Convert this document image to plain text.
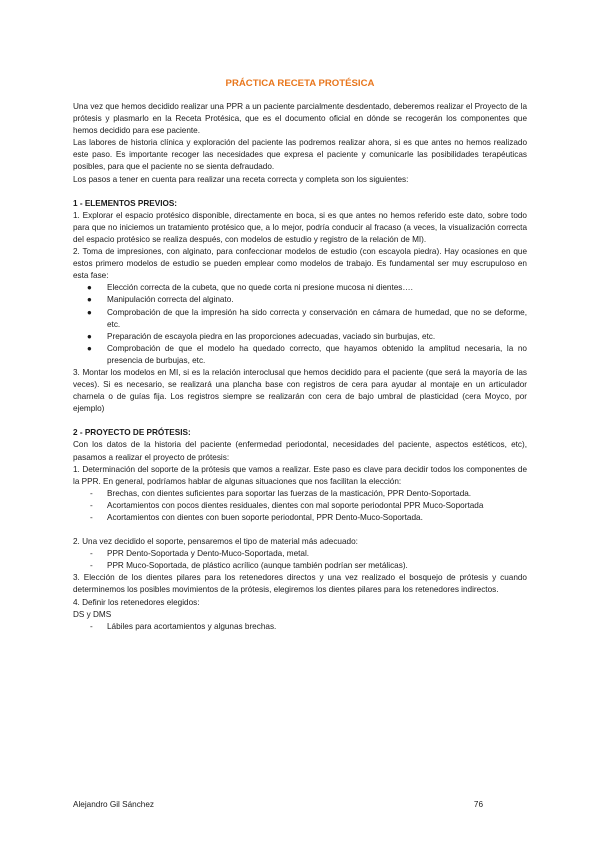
PRÁCTICA RECETA PROTÉSICA

Una vez que hemos decidido realizar una PPR a un paciente parcialmente desdentado, deberemos realizar el Proyecto de la prótesis y plasmarlo en la Receta Protésica, que es el documento oficial en dónde se recogerán los componentes que hemos decidido para ese paciente.

Las labores de historia clínica y exploración del paciente las podremos realizar ahora, si es que antes no hemos realizado este paso. Es importante recoger las necesidades que expresa el paciente y comunicarle las posibilidades terapéuticas posibles, para que el paciente no se sienta defraudado.

Los pasos a tener en cuenta para realizar una receta correcta y completa son los siguientes:

1 - ELEMENTOS PREVIOS:

1. Explorar el espacio protésico disponible, directamente en boca, si es que antes no hemos referido este dato, sobre todo para que no iniciemos un tratamiento protésico que, a lo mejor, podría conducir al fracaso (a veces, la visualización correcta del espacio protésico se realiza después, con modelos de estudio y registro de la relación de MI).

2. Toma de impresiones, con alginato, para confeccionar modelos de estudio (con escayola piedra). Hay ocasiones en que estos primero modelos de estudio se pueden emplear como modelos de trabajo. Es fundamental ser muy escrupuloso en esta fase:

● Elección correcta de la cubeta, que no quede corta ni presione mucosa ni dientes….
● Manipulación correcta del alginato.
● Comprobación de que la impresión ha sido correcta y conservación en cámara de humedad, que no se deforme, etc.
● Preparación de escayola piedra en las proporciones adecuadas, vaciado sin burbujas, etc.
● Comprobación de que el modelo ha quedado correcto, que hayamos obtenido la amplitud necesaria, la no presencia de burbujas, etc.

3. Montar los modelos en MI, si es la relación interoclusal que hemos decidido para el paciente (que será la mayoría de las veces). Si es necesario, se realizará una plancha base con registros de cera para ayudar al montaje en un articulador charnela o de guías fija. Los registros siempre se realizarán con cera de bajo umbral de plasticidad (cera Moyco, por ejemplo)

2 - PROYECTO DE PRÓTESIS:

Con los datos de la historia del paciente (enfermedad periodontal, necesidades del paciente, aspectos estéticos, etc), pasamos a realizar el proyecto de prótesis:

1. Determinación del soporte de la prótesis que vamos a realizar. Este paso es clave para decidir todos los componentes de la PPR. En general, podríamos hablar de algunas situaciones que nos facilitan la elección:

- Brechas, con dientes suficientes para soportar las fuerzas de la masticación, PPR Dento-Soportada.
- Acortamientos con pocos dientes residuales, dientes con mal soporte periodontal PPR Muco-Soportada
- Acortamientos con dientes con buen soporte periodontal, PPR Dento-Muco-Soportada.

2. Una vez decidido el soporte, pensaremos el tipo de material más adecuado:

- PPR Dento-Soportada y Dento-Muco-Soportada, metal.
- PPR Muco-Soportada, de plástico acrílico (aunque también podrían ser metálicas).

3. Elección de los dientes pilares para los retenedores directos y una vez realizado el bosquejo de prótesis y cuando determinemos los posibles movimientos de la prótesis, elegiremos los dientes pilares para los retenedores indirectos.

4. Definir los retenedores elegidos:

DS y DMS

- Lábiles para acortamientos y algunas brechas.
Alejandro Gil Sánchez	76
